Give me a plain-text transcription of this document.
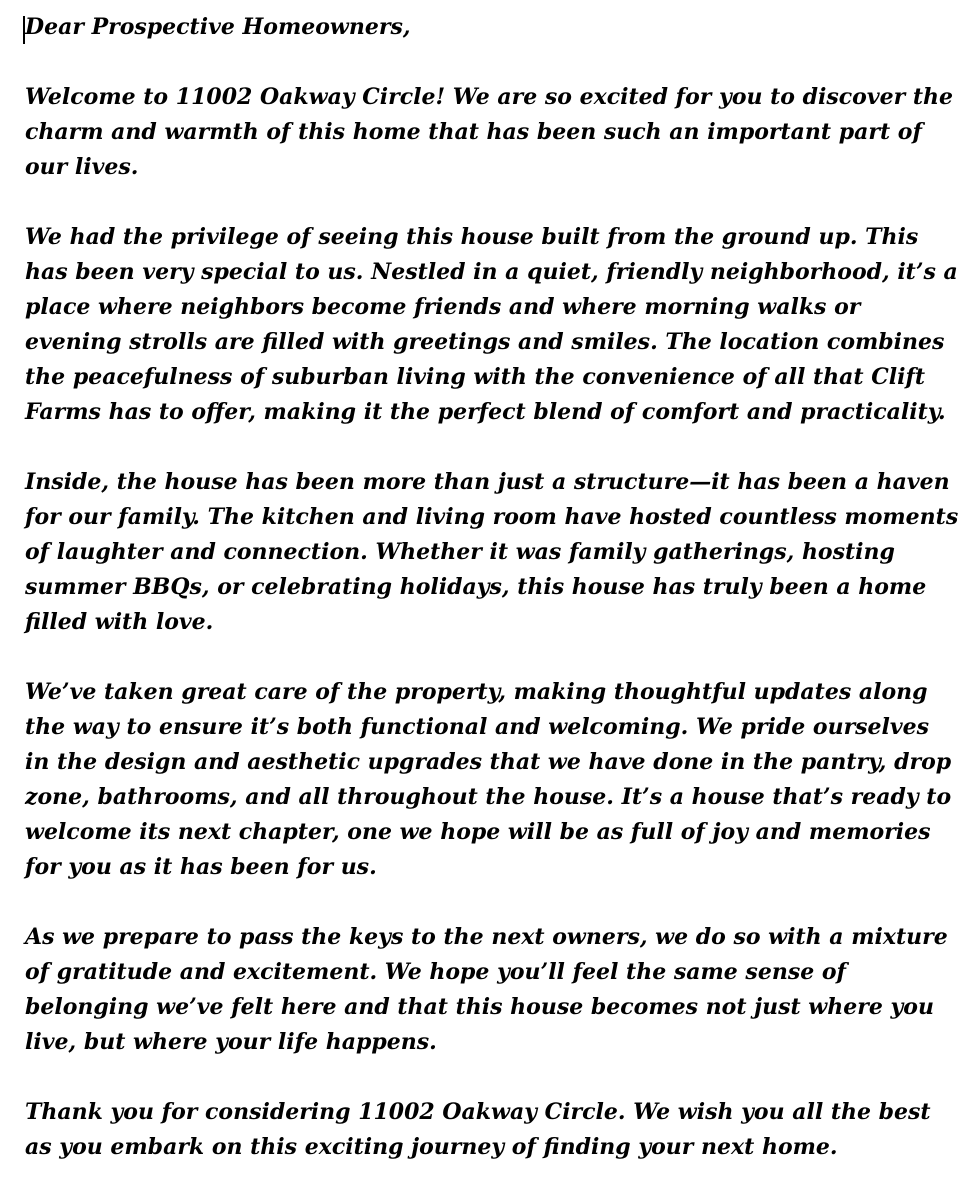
Dear Prospective Homeowners,

Welcome to 11002 Oakway Circle! We are so excited for you to discover the charm and warmth of this home that has been such an important part of our lives.

We had the privilege of seeing this house built from the ground up. This has been very special to us. Nestled in a quiet, friendly neighborhood, it’s a place where neighbors become friends and where morning walks or evening strolls are filled with greetings and smiles. The location combines the peacefulness of suburban living with the convenience of all that Clift Farms has to offer, making it the perfect blend of comfort and practicality.

Inside, the house has been more than just a structure—it has been a haven for our family. The kitchen and living room have hosted countless moments of laughter and connection. Whether it was family gatherings, hosting summer BBQs, or celebrating holidays, this house has truly been a home filled with love.

We’ve taken great care of the property, making thoughtful updates along the way to ensure it’s both functional and welcoming. We pride ourselves in the design and aesthetic upgrades that we have done in the pantry, drop zone, bathrooms, and all throughout the house. It’s a house that’s ready to welcome its next chapter, one we hope will be as full of joy and memories for you as it has been for us.

As we prepare to pass the keys to the next owners, we do so with a mixture of gratitude and excitement. We hope you’ll feel the same sense of belonging we’ve felt here and that this house becomes not just where you live, but where your life happens.

Thank you for considering 11002 Oakway Circle. We wish you all the best as you embark on this exciting journey of finding your next home.
